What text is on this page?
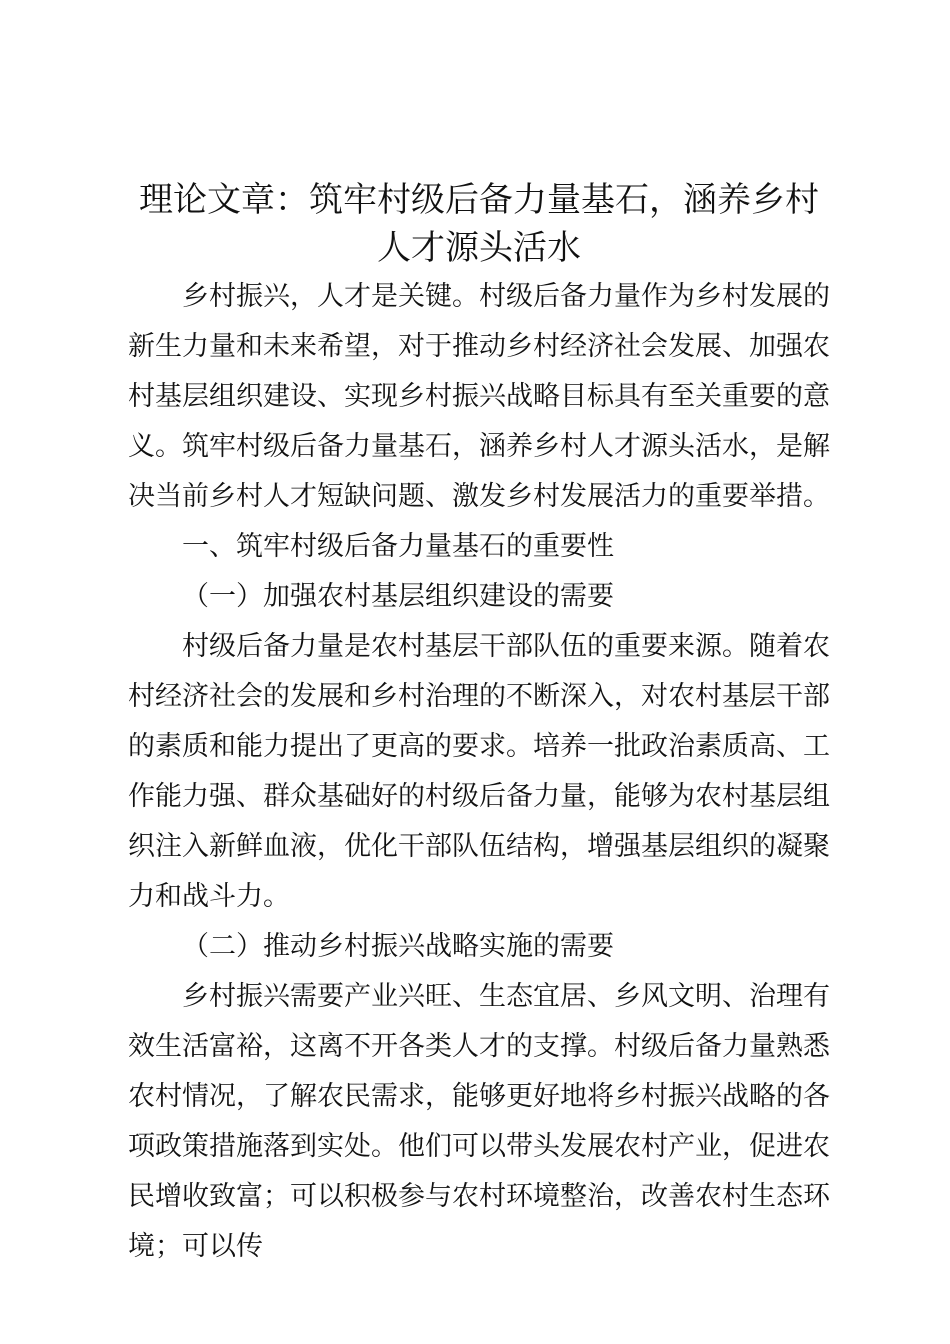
理论文章：筑牢村级后备力量基石，涵养乡村人才源头活水

乡村振兴，人才是关键。村级后备力量作为乡村发展的新生力量和未来希望，对于推动乡村经济社会发展、加强农村基层组织建设、实现乡村振兴战略目标具有至关重要的意义。筑牢村级后备力量基石，涵养乡村人才源头活水，是解决当前乡村人才短缺问题、激发乡村发展活力的重要举措。

一、筑牢村级后备力量基石的重要性

（一）加强农村基层组织建设的需要

村级后备力量是农村基层干部队伍的重要来源。随着农村经济社会的发展和乡村治理的不断深入，对农村基层干部的素质和能力提出了更高的要求。培养一批政治素质高、工作能力强、群众基础好的村级后备力量，能够为农村基层组织注入新鲜血液，优化干部队伍结构，增强基层组织的凝聚力和战斗力。

（二）推动乡村振兴战略实施的需要

乡村振兴需要产业兴旺、生态宜居、乡风文明、治理有效生活富裕，这离不开各类人才的支撑。村级后备力量熟悉农村情况，了解农民需求，能够更好地将乡村振兴战略的各项政策措施落到实处。他们可以带头发展农村产业，促进农民增收致富；可以积极参与农村环境整治，改善农村生态环境；可以传
